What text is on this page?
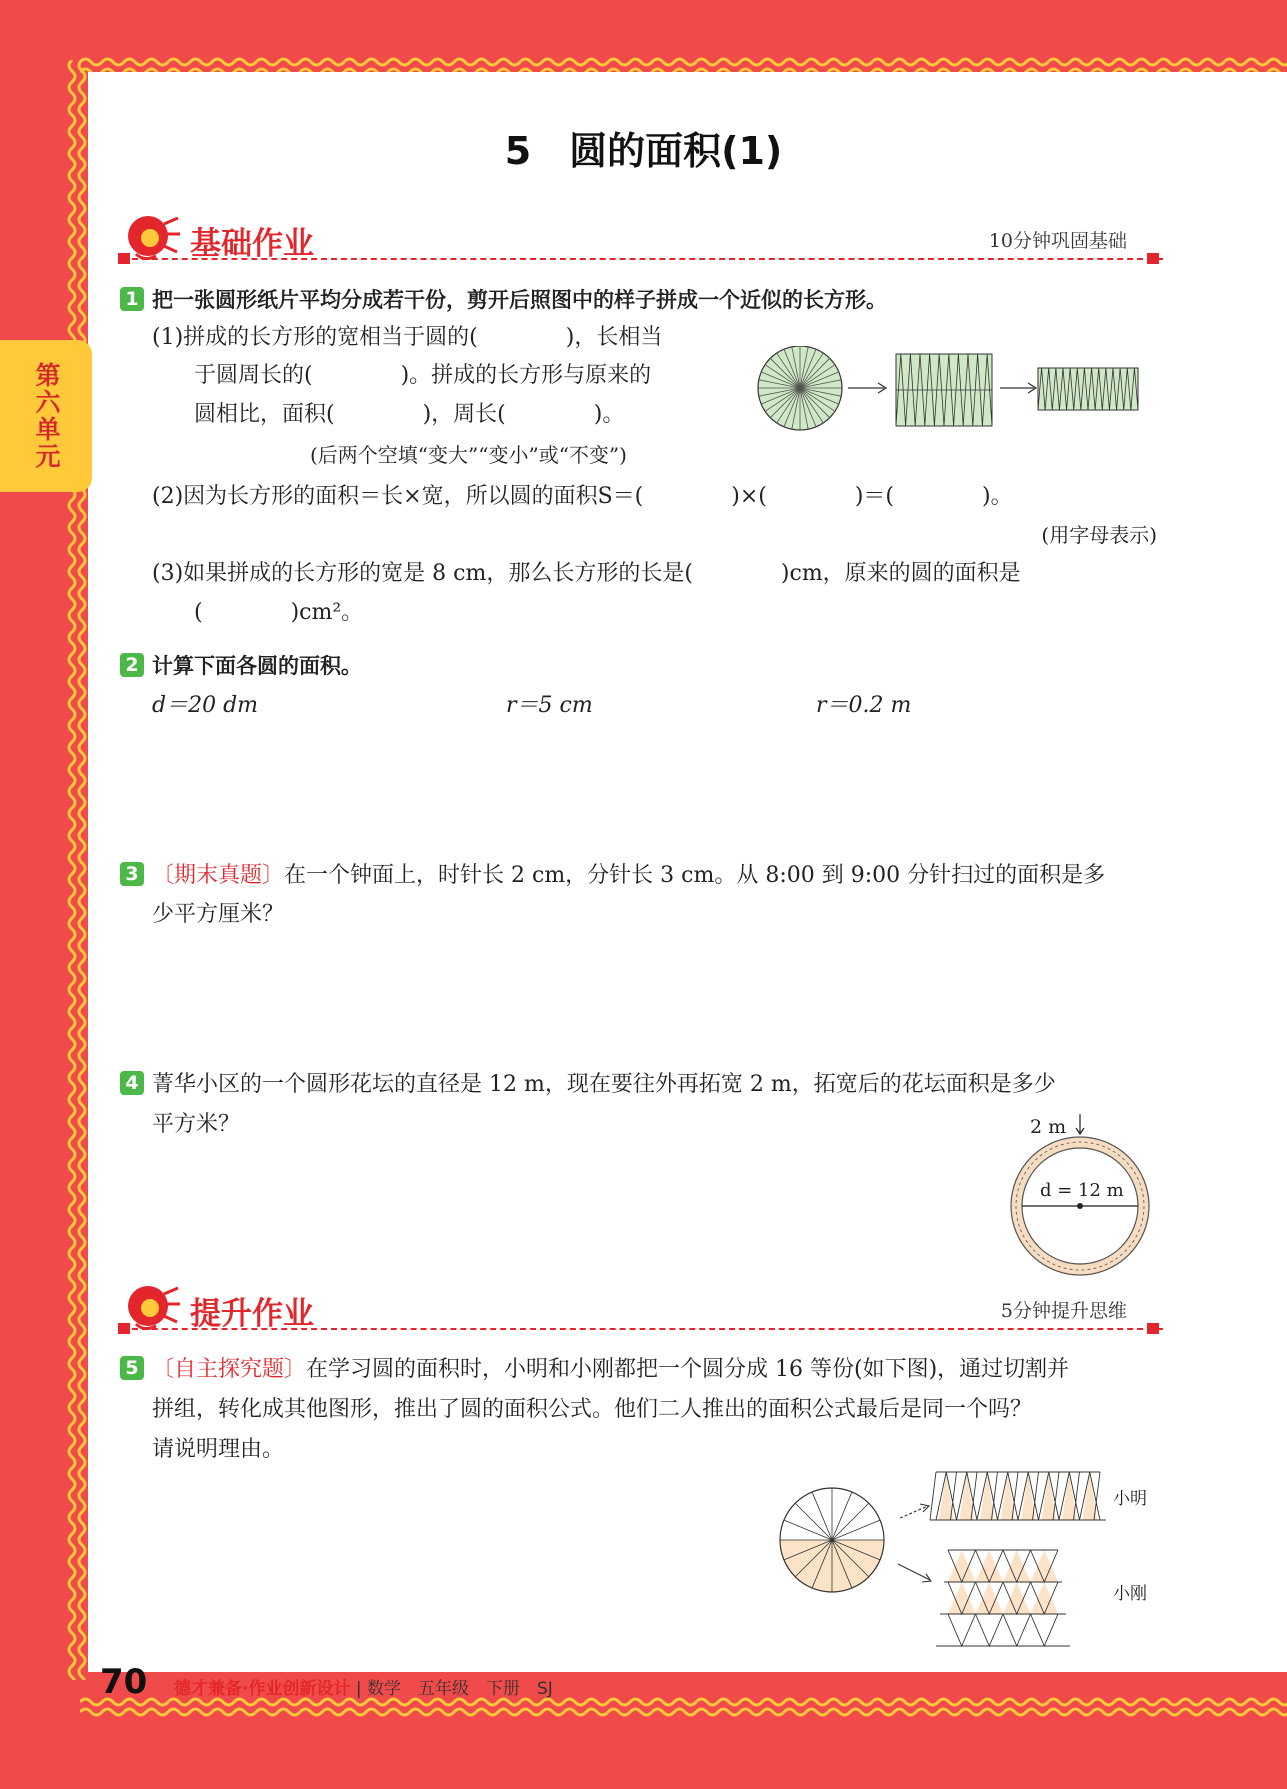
第六单元
5　圆的面积(1)
基础作业	10分钟巩固基础
1 把一张圆形纸片平均分成若干份，剪开后照图中的样子拼成一个近似的长方形。
(1)拼成的长方形的宽相当于圆的(　　　　)，长相当
于圆周长的(　　　　)。拼成的长方形与原来的
圆相比，面积(　　　　)，周长(　　　　)。
(后两个空填“变大”“变小”或“不变”)
(2)因为长方形的面积＝长×宽，所以圆的面积S＝(　　　　)×(　　　　)＝(　　　　)。
(用字母表示)
(3)如果拼成的长方形的宽是 8 cm，那么长方形的长是(　　　　)cm，原来的圆的面积是
(　　　　)cm²。
2 计算下面各圆的面积。
d＝20 dm	r＝5 cm	r＝0.2 m
3 〔期末真题〕在一个钟面上，时针长 2 cm，分针长 3 cm。从 8:00 到 9:00 分针扫过的面积是多
少平方厘米？
4 菁华小区的一个圆形花坛的直径是 12 m，现在要往外再拓宽 2 m，拓宽后的花坛面积是多少
平方米？	2 m
d = 12 m
提升作业	5分钟提升思维
5 〔自主探究题〕在学习圆的面积时，小明和小刚都把一个圆分成 16 等份(如下图)，通过切割并
拼组，转化成其他图形，推出了圆的面积公式。他们二人推出的面积公式最后是同一个吗？
请说明理由。
小明
小刚
70 德才兼备·作业创新设计 | 数学　五年级　下册　SJ
